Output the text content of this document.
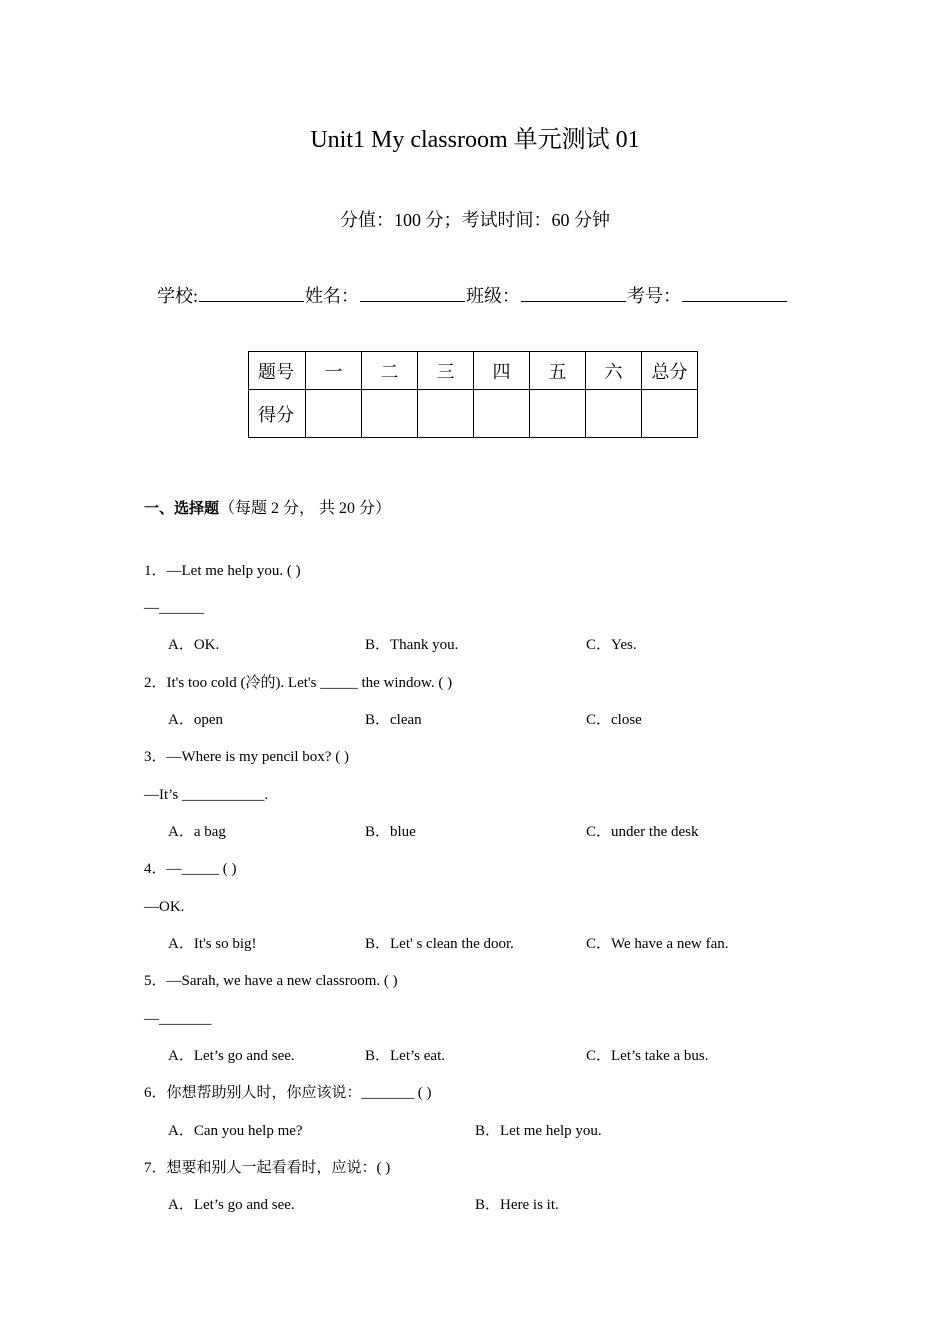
Unit1 My classroom 单元测试 01
分值：100 分；考试时间：60 分钟
学校:	姓名：	班级：	考号：
题号	一	二	三	四	五	六	总分
得分							
一、选择题（每题 2 分， 共 20 分）
1．—Let me help you. ( )
—______
A．OK.	B．Thank you.	C．Yes.
2．It's too cold (冷的). Let's _____ the window. ( )
A．open	B．clean	C．close
3．—Where is my pencil box? ( )
—It’s ___________.
A．a bag	B．blue	C．under the desk
4．—_____ ( )
—OK.
A．It's so big!	B．Let' s clean the door.	C．We have a new fan.
5．—Sarah, we have a new classroom. ( )
—_______
A．Let’s go and see.	B．Let’s eat.	C．Let’s take a bus.
6．你想帮助别人时，你应该说：_______ ( )
A．Can you help me?	B．Let me help you.
7．想要和别人一起看看时，应说：( )
A．Let’s go and see.	B．Here is it.
